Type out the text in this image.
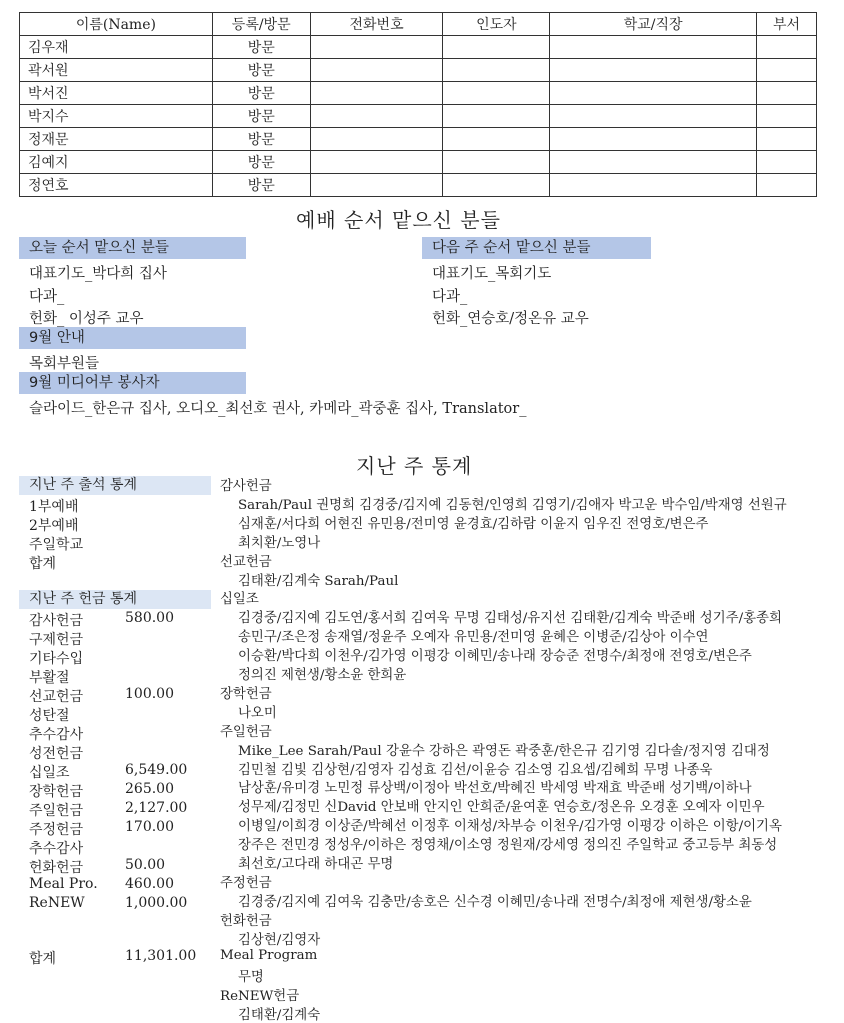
이름(Name)	등록/방문	전화번호	인도자	학교/직장	부서
김우재	방문				
곽서원	방문				
박서진	방문				
박지수	방문				
정재문	방문				
김예지	방문				
정연호	방문				
예배 순서 맡으신 분들
오늘 순서 맡으신 분들
대표기도_박다희 집사
다과_
헌화_ 이성주 교우
다음 주 순서 맡으신 분들
대표기도_목회기도
다과_
헌화_연승호/정온유 교우
9월 안내
목회부원들
9월 미디어부 봉사자
슬라이드_한은규 집사, 오디오_최선호 권사, 카메라_곽중훈 집사, Translator_
지난 주 통계
지난 주 출석 통계
1부예배
2부예배
주일학교
합계
지난 주 헌금 통계
감사헌금	580.00
구제헌금
기타수입
부활절
선교헌금	100.00
성탄절
추수감사
성전헌금
십일조	6,549.00
장학헌금	265.00
주일헌금	2,127.00
주정헌금	170.00
추수감사
헌화헌금	50.00
Meal Pro. 460.00
ReNEW	1,000.00
합계	11,301.00
감사헌금
Sarah/Paul 권명희 김경중/김지예 김동현/인영희 김영기/김애자 박고운 박수임/박재영 선원규
심재훈/서다희 어현진 유민용/전미영 윤경효/김하람 이윤지 임우진 전영호/변은주
최치환/노영나
선교헌금
김태환/김계숙 Sarah/Paul
십일조
김경중/김지예 김도연/홍서희 김여욱 무명 김태성/유지선 김태환/김계숙 박준배 성기주/홍종희
송민구/조은정 송재열/정윤주 오예자 유민용/전미영 윤혜은 이병준/김상아 이수연
이승환/박다희 이천우/김가영 이평강 이혜민/송나래 장승준 전명수/최정애 전영호/변은주
정의진 제현생/황소윤 한희윤
장학헌금
나오미
주일헌금
Mike_Lee Sarah/Paul 강윤수 강하은 곽영돈 곽중훈/한은규 김기영 김다솔/정지영 김대정
김민철 김빛 김상현/김영자 김성효 김선/이윤승 김소영 김요셉/김혜희 무명 나종욱
남상훈/유미경 노민정 류상백/이정아 박선호/박혜진 박세영 박재효 박준배 성기백/이하나
성무제/김정민 신David 안보배 안지인 안희준/윤여훈 연승호/정온유 오경훈 오예자 이민우
이병일/이희경 이상준/박혜선 이정후 이채성/차부승 이천우/김가영 이평강 이하은 이항/이기옥
장주은 전민경 정성우/이하은 정영채/이소영 정원재/강세영 정의진 주일학교 중고등부 최동성
최선호/고다래 하대곤 무명
주정헌금
김경중/김지예 김여욱 김충만/송호은 신수경 이혜민/송나래 전명수/최정애 제현생/황소윤
헌화헌금
김상현/김영자
Meal Program
무명
ReNEW헌금
김태환/김계숙
